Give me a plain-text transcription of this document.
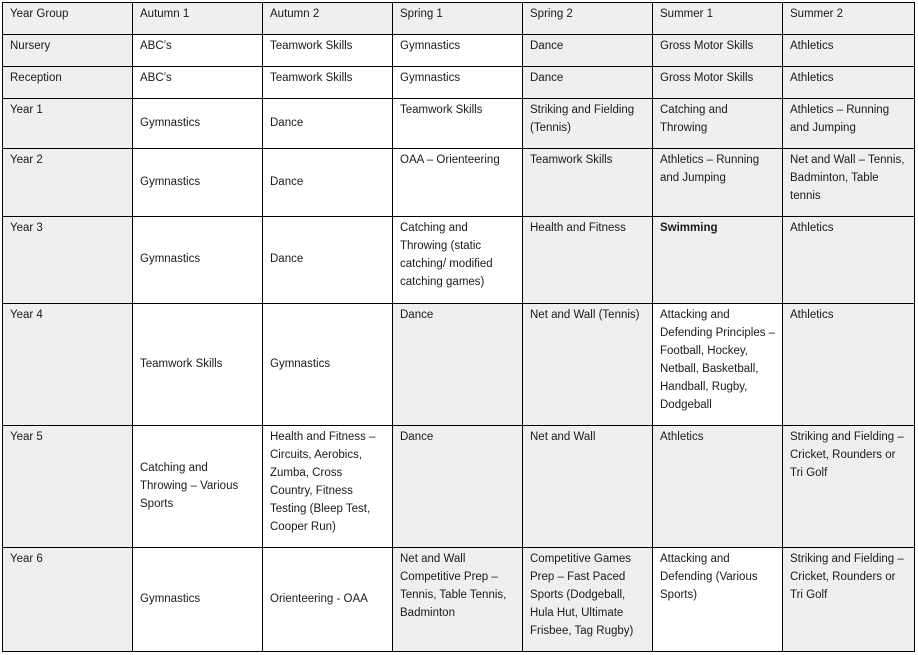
Year Group	Autumn 1	Autumn 2	Spring 1	Spring 2	Summer 1	Summer 2
Nursery	ABC’s	Teamwork Skills	Gymnastics	Dance	Gross Motor Skills	Athletics
Reception	ABC’s	Teamwork Skills	Gymnastics	Dance	Gross Motor Skills	Athletics
Year 1	Gymnastics	Dance	Teamwork Skills	Striking and Fielding (Tennis)	Catching and Throwing	Athletics – Running and Jumping
Year 2	Gymnastics	Dance	OAA – Orienteering	Teamwork Skills	Athletics – Running and Jumping	Net and Wall – Tennis, Badminton, Table tennis
Year 3	Gymnastics	Dance	Catching and Throwing (static catching/ modified catching games)	Health and Fitness	Swimming	Athletics
Year 4	Teamwork Skills	Gymnastics	Dance	Net and Wall (Tennis)	Attacking and Defending Principles – Football, Hockey, Netball, Basketball, Handball, Rugby, Dodgeball	Athletics
Year 5	Catching and Throwing – Various Sports	Health and Fitness – Circuits, Aerobics, Zumba, Cross Country, Fitness Testing (Bleep Test, Cooper Run)	Dance	Net and Wall	Athletics	Striking and Fielding – Cricket, Rounders or Tri Golf
Year 6	Gymnastics	Orienteering - OAA	Net and Wall Competitive Prep – Tennis, Table Tennis, Badminton	Competitive Games Prep – Fast Paced Sports (Dodgeball, Hula Hut, Ultimate Frisbee, Tag Rugby)	Attacking and Defending (Various Sports)	Striking and Fielding – Cricket, Rounders or Tri Golf
